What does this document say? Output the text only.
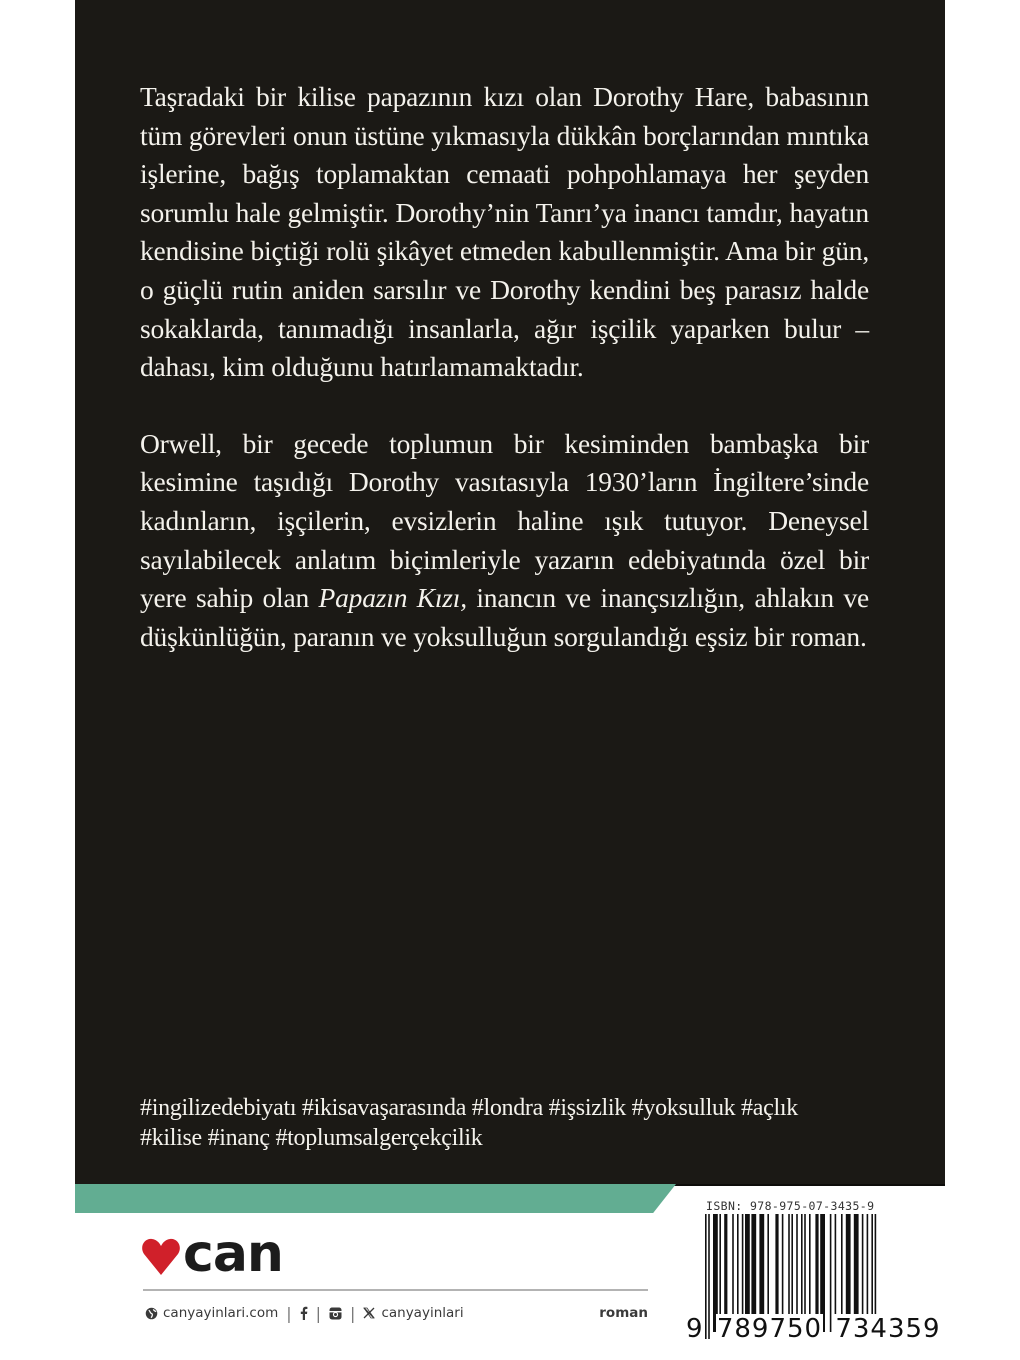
Taşradaki bir kilise papazının kızı olan Dorothy Hare, babasının tüm görevleri onun üstüne yıkmasıyla dükkân borçlarından mıntıka işlerine, bağış toplamaktan cemaati pohpohlamaya her şeyden sorumlu hale gelmiştir. Dorothy’nin Tanrı’ya inancı tamdır, hayatın kendisine biçtiği rolü şikâyet etmeden kabullenmiştir. Ama bir gün, o güçlü rutin aniden sarsılır ve Dorothy kendini beş parasız halde sokaklarda, tanımadığı insanlarla, ağır işçilik yaparken bulur – dahası, kim olduğunu hatırlamamaktadır.

Orwell, bir gecede toplumun bir kesiminden bambaşka bir kesimine taşıdığı Dorothy vasıtasıyla 1930’ların İngiltere’sinde kadınların, işçilerin, evsizlerin haline ışık tutuyor. Deneysel sayılabilecek anlatım biçimleriyle yazarın edebiyatında özel bir yere sahip olan Papazın Kızı, inancın ve inançsızlığın, ahlakın ve düşkünlüğün, paranın ve yoksulluğun sorgulandığı eşsiz bir roman.

#ingilizedebiyatı #ikisavaşarasında #londra #işsizlik #yoksulluk #açlık
#kilise #inanç #toplumsalgerçekçilik
can
canyayinlari.com | | | canyayinlari	roman
ISBN: 978-975-07-3435-9
9 789750 734359
